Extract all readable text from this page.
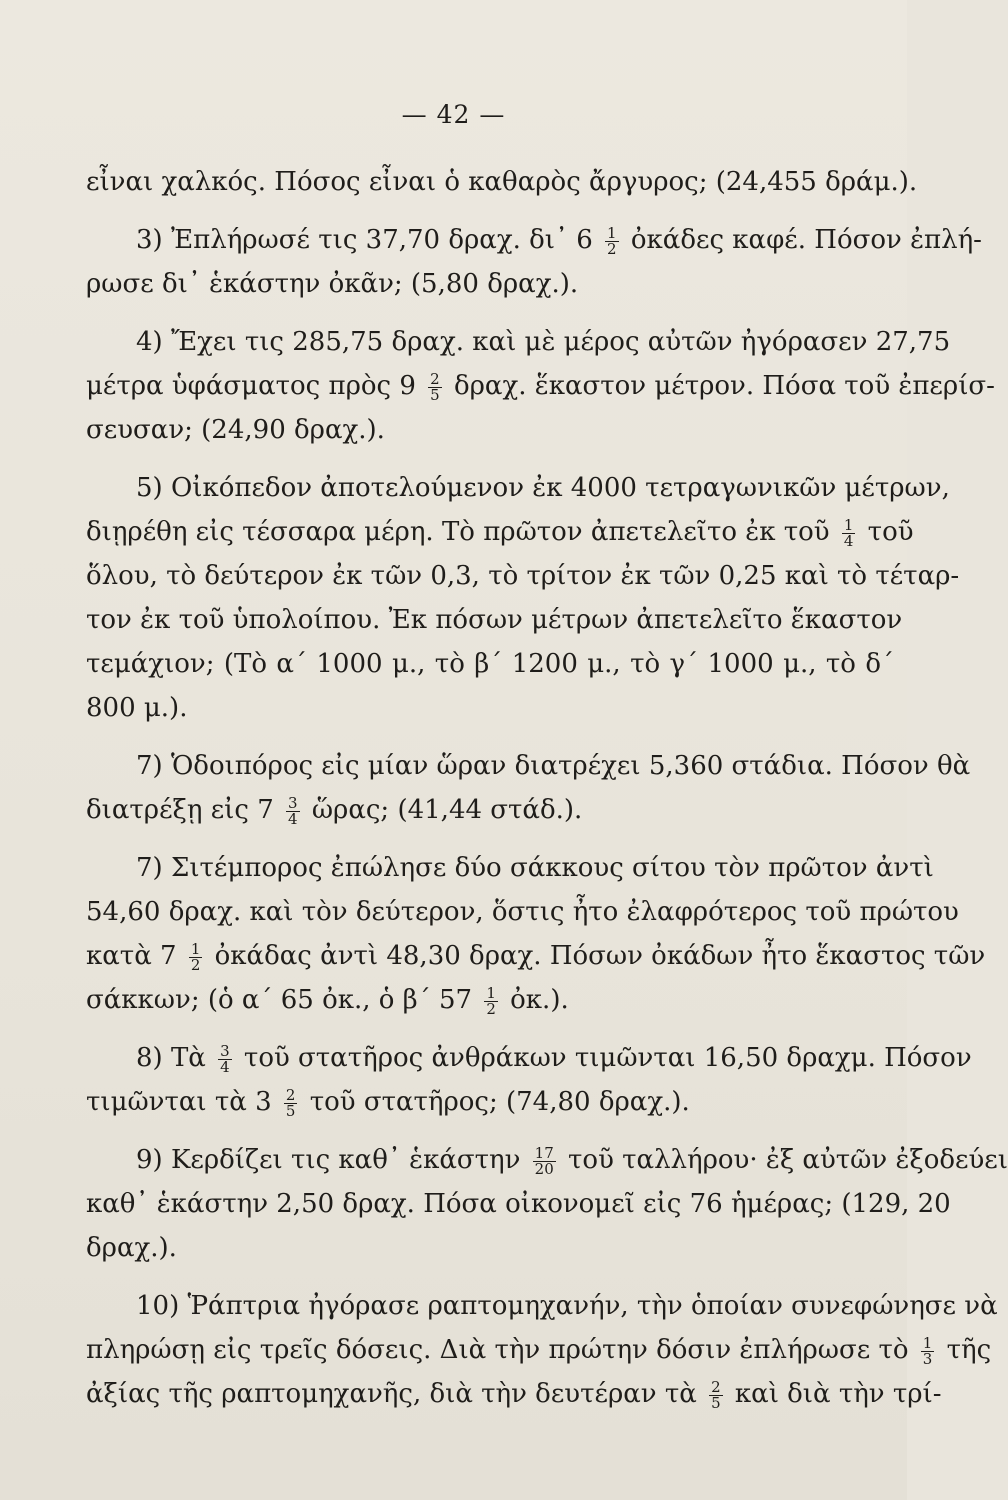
— 42 —
εἶναι χαλκός. Πόσος εἶναι ὁ καθαρὸς ἄργυρος; (24,455 δράμ.).
3) Ἐπλήρωσέ τις 37,70 δραχ. δι᾽ $6 \frac{1}{2}$ ὀκάδες καφέ. Πόσον ἐπλή-
ρωσε δι᾽ ἑκάστην ὀκᾶν; (5,80 δραχ.).
4) Ἔχει τις 285,75 δραχ. καὶ μὲ μέρος αὐτῶν ἠγόρασεν 27,75
μέτρα ὑφάσματος πρὸς $9 \frac{2}{5} \delta\rho\alpha\chi$. ἕκαστον μέτρον. Πόσα τοῦ ἐπερίσ-
σευσαν; (24,90 δραχ.).
5) Οἰκόπεδον ἀποτελούμενον ἐκ 4000 τετραγωνικῶν μέτρων,
διῃρέθη εἰς τέσσαρα μέρη. Τὸ πρῶτον ἀπετελεῖτο ἐκ τοῦ $\frac{1}{4}$ τοῦ
ὅλου, τὸ δεύτερον ἐκ τῶν 0,3, τὸ τρίτον ἐκ τῶν 0,25 καὶ τὸ τέταρ-
τον ἐκ τοῦ ὑπολοίπου. Ἐκ πόσων μέτρων ἀπετελεῖτο ἕκαστον
τεμάχιον; (Τὸ α΄ 1000 μ., τὸ β΄ 1200 μ., τὸ γ΄ 1000 μ., τὸ δ΄
800 μ.).
7) Ὁδοιπόρος εἰς μίαν ὥραν διατρέχει 5,360 στάδια. Πόσον θὰ
διατρέξῃ εἰς $7 \frac{3}{4}$ ὥρας; (41,44 στάδ.).
7) Σιτέμπορος ἐπώλησε δύο σάκκους σίτου τὸν πρῶτον ἀντὶ
54,60 δραχ. καὶ τὸν δεύτερον, ὅστις ἦτο ἐλαφρότερος τοῦ πρώτου
κατὰ $7 \frac{1}{2}$ ὀκάδας ἀντὶ 48,30 δραχ. Πόσων ὀκάδων ἦτο ἕκαστος τῶν
σάκκων; (ὁ α΄ 65 ὀκ., ὁ β΄ $57 \frac{1}{2}$ ὀκ.).
8) Τὰ $\frac{3}{4}$ τοῦ στατῆρος ἀνθράκων τιμῶνται 16,50 δραχμ. Πόσον
τιμῶνται τὰ $3 \frac{2}{5}$ τοῦ στατῆρος; (74,80 δραχ.).
9) Κερδίζει τις καθ᾽ ἑκάστην $\frac{17}{20}$ τοῦ ταλλήρου· ἐξ αὐτῶν ἐξοδεύει
καθ᾽ ἑκάστην 2,50 δραχ. Πόσα οἰκονομεῖ εἰς 76 ἡμέρας; (129, 20
δραχ.).
10) Ῥάπτρια ἠγόρασε ραπτομηχανήν, τὴν ὁποίαν συνεφώνησε νὰ
πληρώσῃ εἰς τρεῖς δόσεις. Διὰ τὴν πρώτην δόσιν ἐπλήρωσε τὸ $\frac{1}{3}$ τῆς
ἀξίας τῆς ραπτομηχανῆς, διὰ τὴν δευτέραν τὰ $\frac{2}{5}$ καὶ διὰ τὴν τρί-
